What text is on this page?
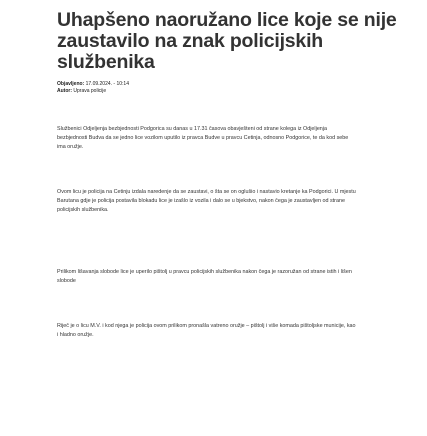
Uhapšeno naoružano lice koje se nije zaustavilo na znak policijskih službenika
Objavljeno: 17.09.2024. - 10:14
Autor: Uprava policije

Službenici Odjeljenja bezbjednosti Podgorica su danas u 17.31 časova obavješteni od strane kolega iz Odjeljenja bezbjednosti Budva da se jedno lice vozilom uputilo iz pravca Budve u pravcu Cetinja, odnosno Podgorice, te da kod sebe ima oružje.

Ovom licu je policija na Cetinju izdala naredenje da se zaustavi, o šta se on oglušio i nastavio kretanje ka Podgorici. U mjestu Barutana gdje je policija postavila blokadu lice je izašlo iz vozila i dalo se u bjekstvo, nakon čega je zaustavljen od strane policijskih službenika.

Prilikom lišavanja slobode lice je uperilo pištolj u pravcu policijskih službenika nakon čega je razoružan od strane istih i lišen slobode

Riječ je o licu M.V. i kod njega je policija ovom prilikom pronašla vatreno oružje – pištolj i više komada pištoljske municije, kao i hladno oružje.
